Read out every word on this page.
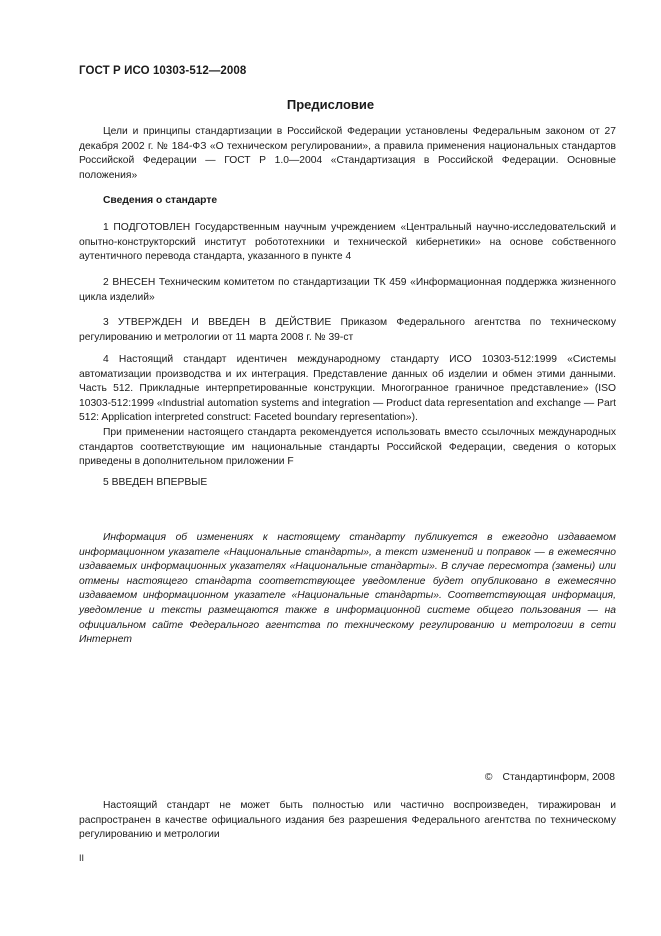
ГОСТ Р ИСО 10303-512—2008
Предисловие

Цели и принципы стандартизации в Российской Федерации установлены Федеральным законом от 27 декабря 2002 г. № 184-ФЗ «О техническом регулировании», а правила применения национальных стандартов Российской Федерации — ГОСТ Р 1.0—2004 «Стандартизация в Российской Федерации. Основные положения»

Сведения о стандарте

1 ПОДГОТОВЛЕН Государственным научным учреждением «Центральный научно-исследовательский и опытно-конструкторский институт робототехники и технической кибернетики» на основе собственного аутентичного перевода стандарта, указанного в пункте 4

2 ВНЕСЕН Техническим комитетом по стандартизации ТК 459 «Информационная поддержка жизненного цикла изделий»

3 УТВЕРЖДЕН И ВВЕДЕН В ДЕЙСТВИЕ Приказом Федерального агентства по техническому регулированию и метрологии от 11 марта 2008 г. № 39-ст

4 Настоящий стандарт идентичен международному стандарту ИСО 10303-512:1999 «Системы автоматизации производства и их интеграция. Представление данных об изделии и обмен этими данными. Часть 512. Прикладные интерпретированные конструкции. Многогранное граничное представление» (ISO 10303-512:1999 «Industrial automation systems and integration — Product data representation and exchange — Part 512: Application interpreted construct: Faceted boundary representation»).

При применении настоящего стандарта рекомендуется использовать вместо ссылочных международных стандартов соответствующие им национальные стандарты Российской Федерации, сведения о которых приведены в дополнительном приложении F

5 ВВЕДЕН ВПЕРВЫЕ

Информация об изменениях к настоящему стандарту публикуется в ежегодно издаваемом информационном указателе «Национальные стандарты», а текст изменений и поправок — в ежемесячно издаваемых информационных указателях «Национальные стандарты». В случае пересмотра (замены) или отмены настоящего стандарта соответствующее уведомление будет опубликовано в ежемесячно издаваемом информационном указателе «Национальные стандарты». Соответствующая информация, уведомление и тексты размещаются также в информационной системе общего пользования — на официальном сайте Федерального агентства по техническому регулированию и метрологии в сети Интернет

© Стандартинформ, 2008

Настоящий стандарт не может быть полностью или частично воспроизведен, тиражирован и распространен в качестве официального издания без разрешения Федерального агентства по техническому регулированию и метрологии

II
